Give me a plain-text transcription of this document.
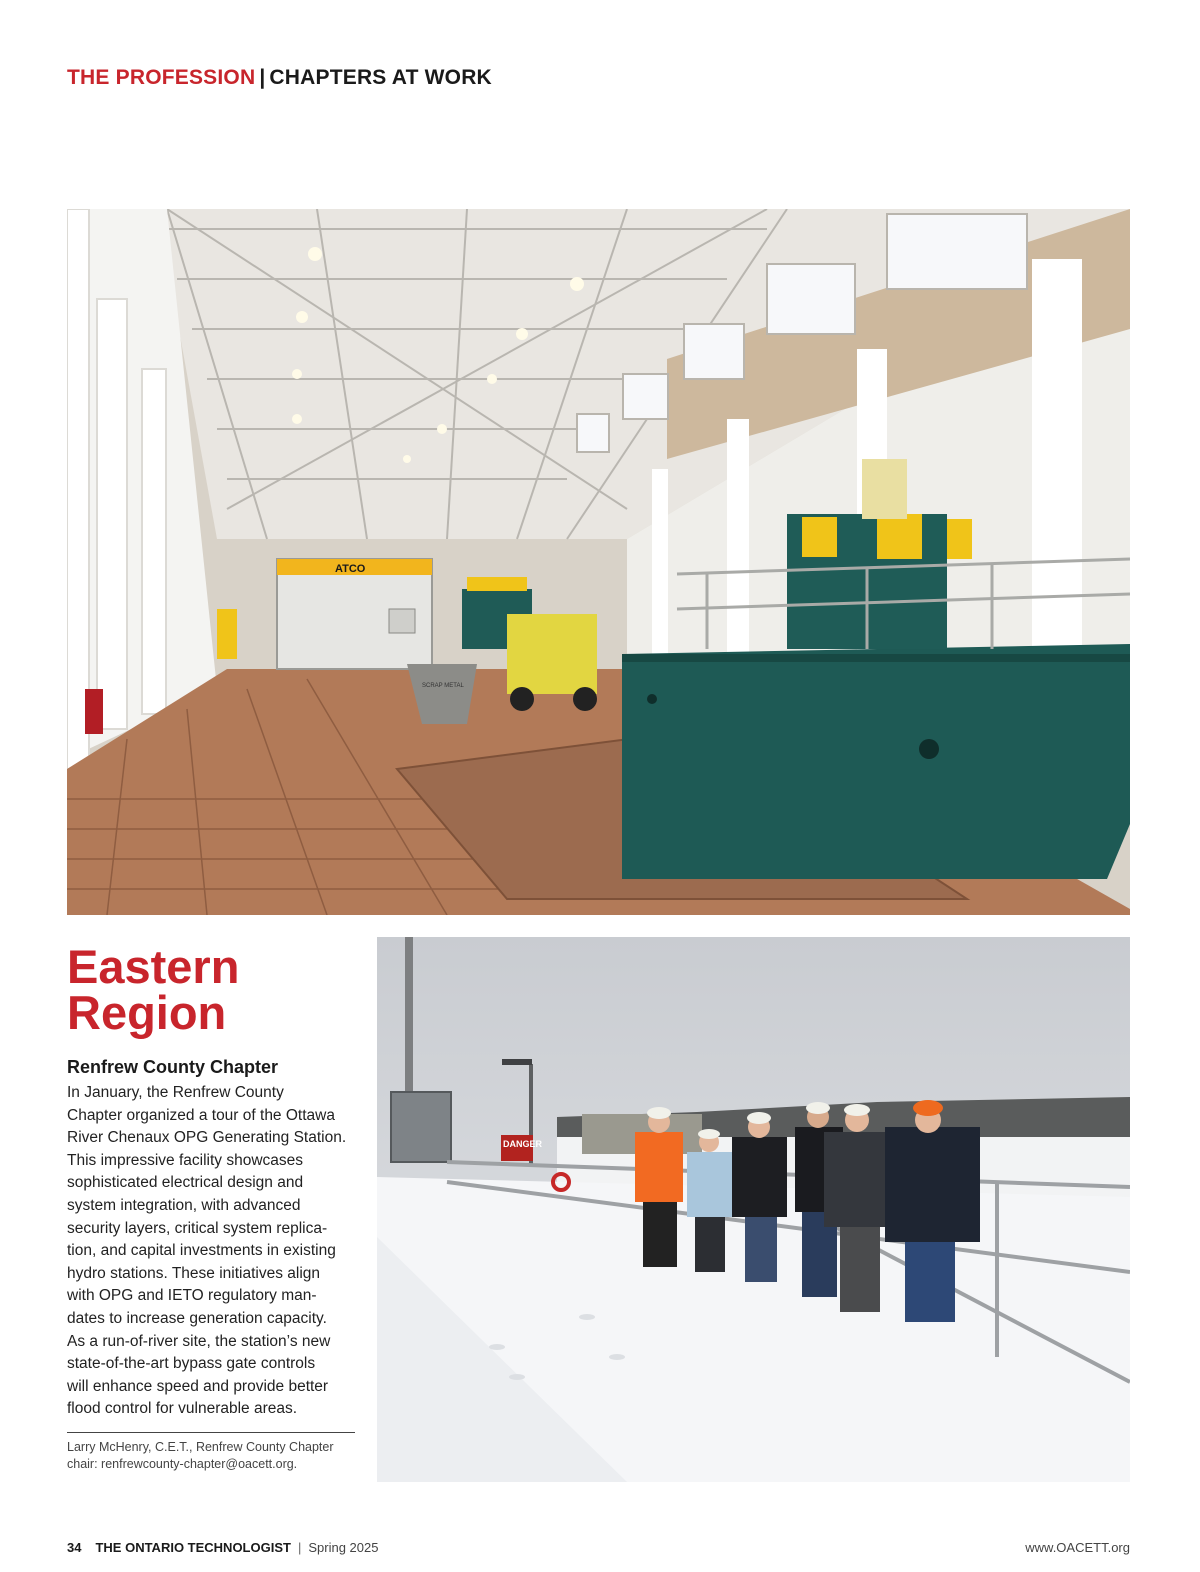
THE PROFESSION | CHAPTERS AT WORK
ATCO
SCRAP METAL
Eastern
Region
DANGER
Renfrew County Chapter
In January, the Renfrew County
Chapter organized a tour of the Ottawa
River Chenaux OPG Generating Station.
This impressive facility showcases
sophisticated electrical design and
system integration, with advanced
security layers, critical system replica-
tion, and capital investments in existing
hydro stations. These initiatives align
with OPG and IETO regulatory man-
dates to increase generation capacity.
As a run-of-river site, the station’s new
state-of-the-art bypass gate controls
will enhance speed and provide better
flood control for vulnerable areas.
Larry McHenry, C.E.T., Renfrew County Chapter
chair: renfrewcounty-chapter@oacett.org.
34 THE ONTARIO TECHNOLOGIST | Spring 2025	www.OACETT.org
